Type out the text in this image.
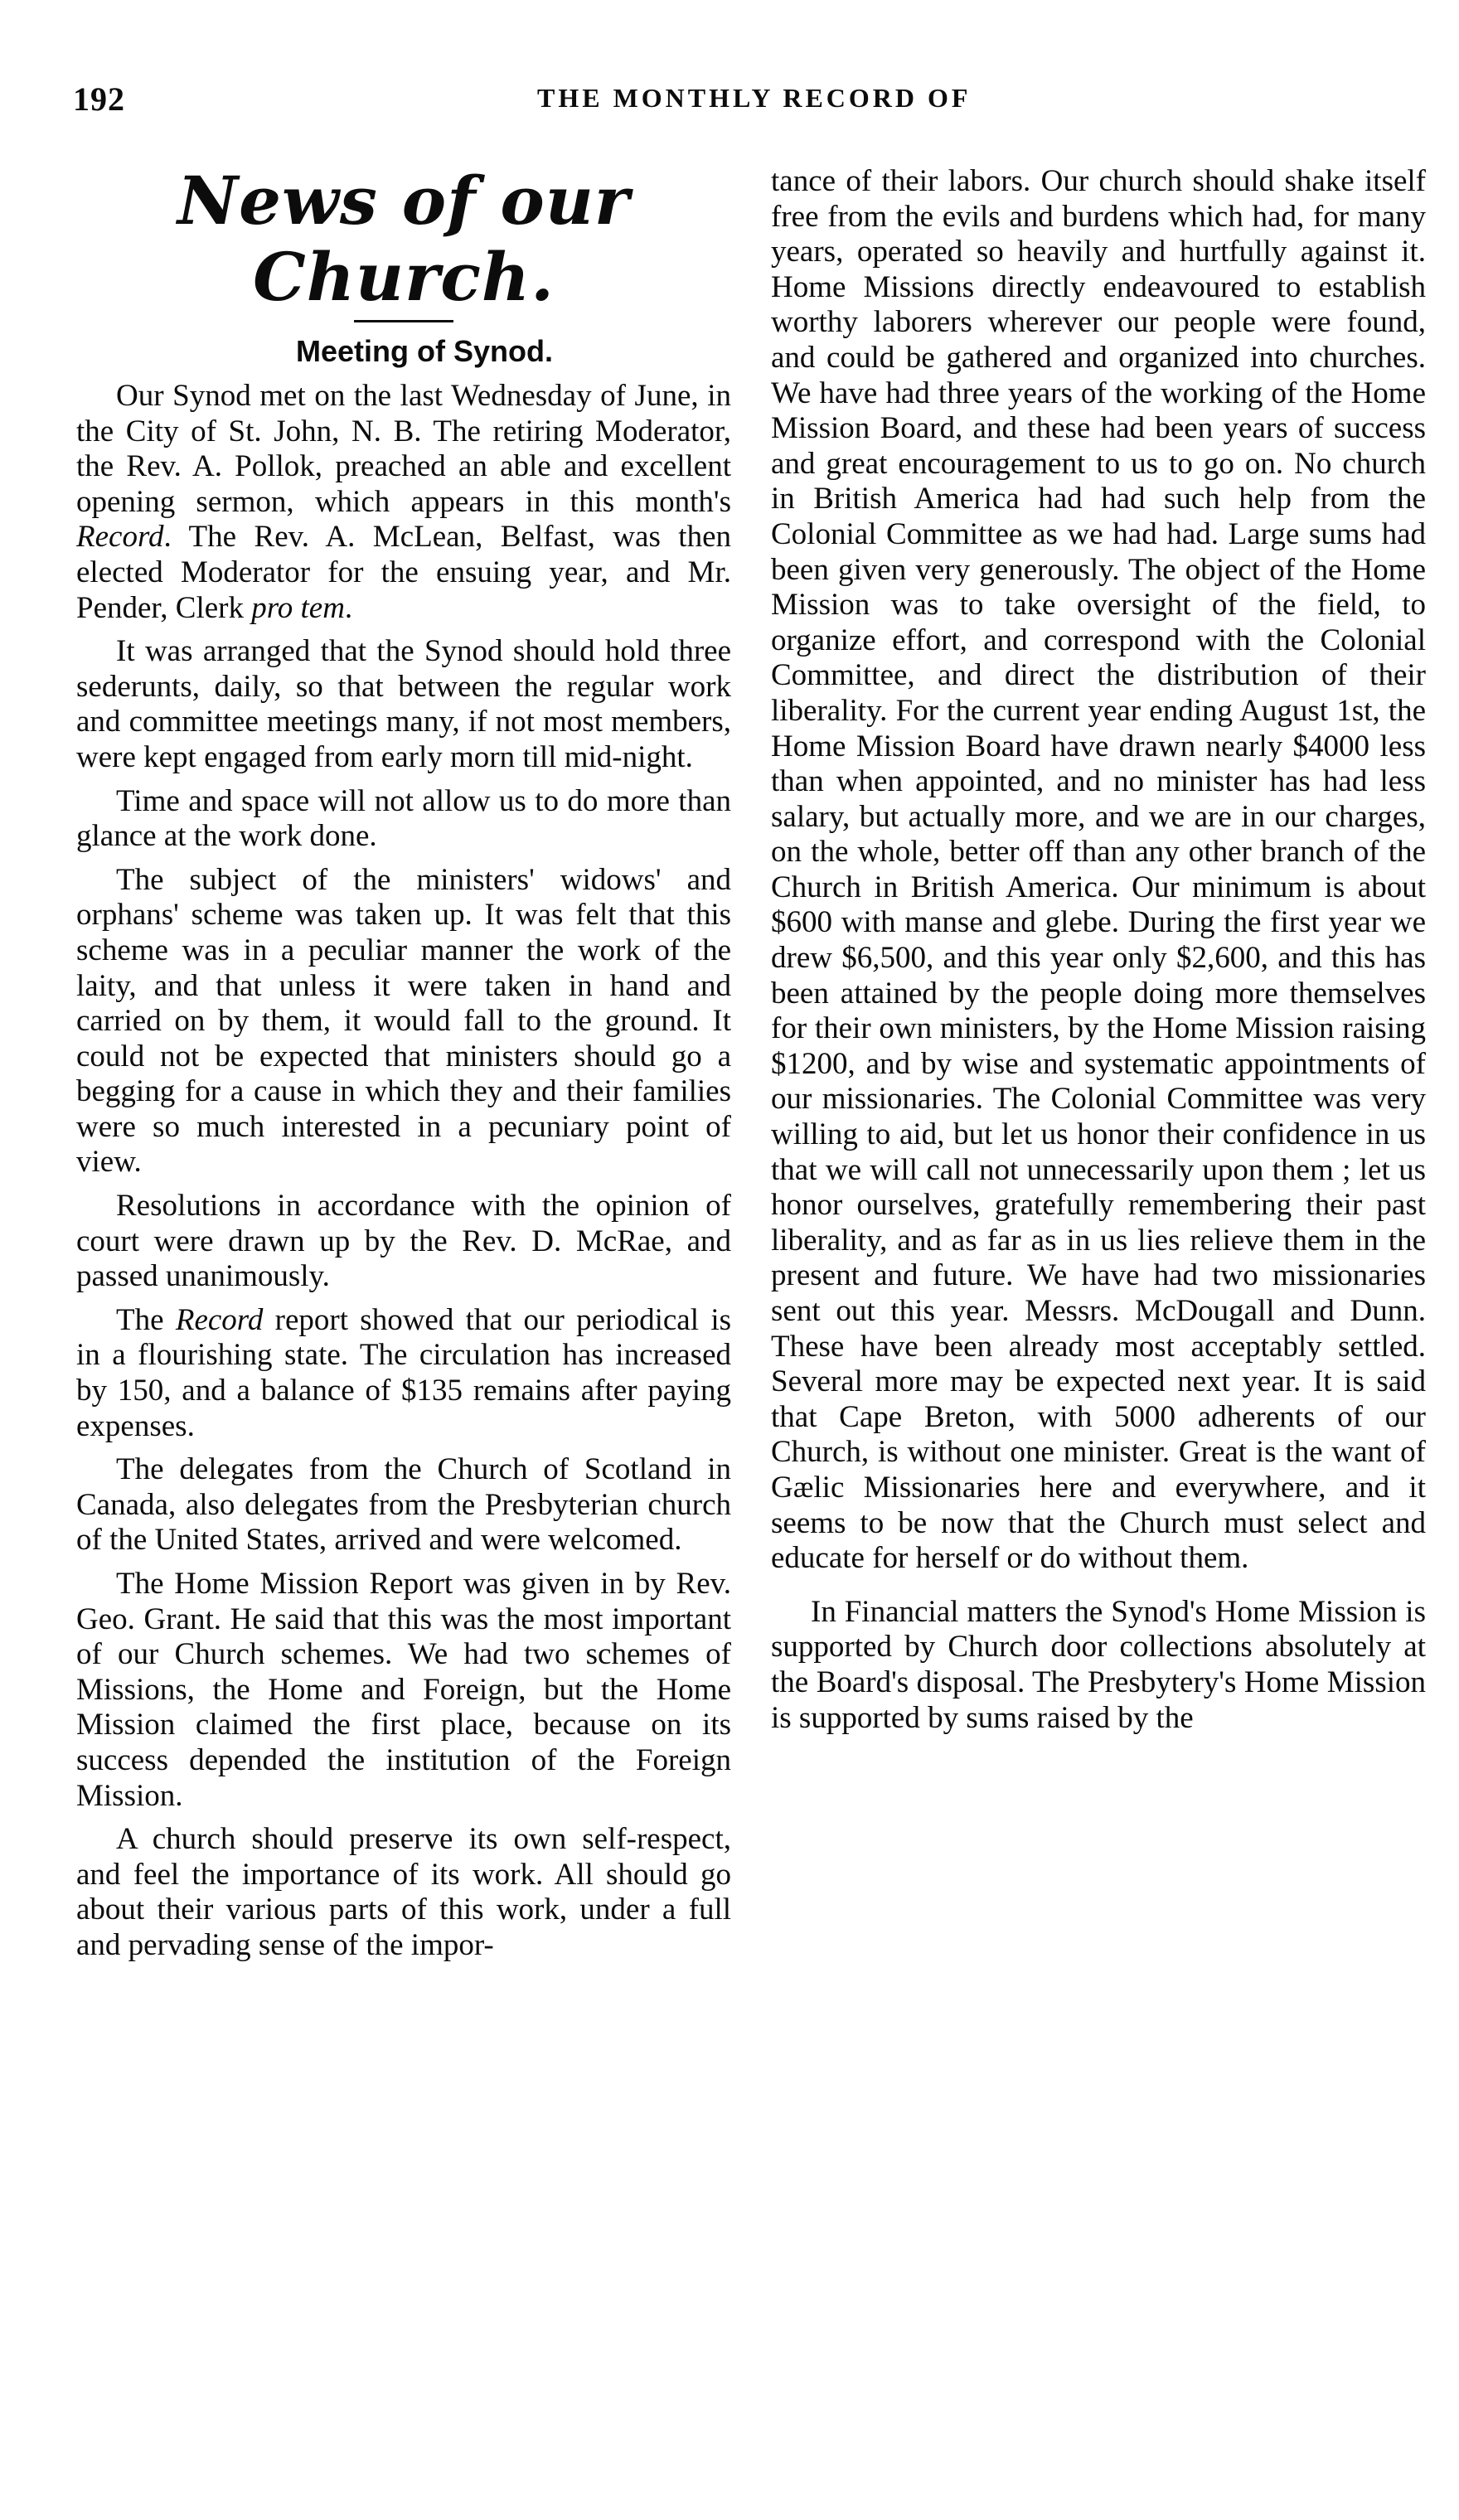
192	THE MONTHLY RECORD OF
News of our Church.
Meeting of Synod.

Our Synod met on the last Wednesday of June, in the City of St. John, N. B. The retiring Moderator, the Rev. A. Pollok, preached an able and excellent opening sermon, which appears in this month's Record. The Rev. A. McLean, Belfast, was then elected Moderator for the ensuing year, and Mr. Pender, Clerk pro tem.

It was arranged that the Synod should hold three sederunts, daily, so that between the regular work and committee meetings many, if not most members, were kept engaged from early morn till mid-night.

Time and space will not allow us to do more than glance at the work done.

The subject of the ministers' widows' and orphans' scheme was taken up. It was felt that this scheme was in a peculiar manner the work of the laity, and that unless it were taken in hand and carried on by them, it would fall to the ground. It could not be expected that ministers should go a begging for a cause in which they and their families were so much interested in a pecuniary point of view.

Resolutions in accordance with the opinion of court were drawn up by the Rev. D. McRae, and passed unanimously.

The Record report showed that our periodical is in a flourishing state. The circulation has increased by 150, and a balance of $135 remains after paying expenses.

The delegates from the Church of Scotland in Canada, also delegates from the Presbyterian church of the United States, arrived and were welcomed.

The Home Mission Report was given in by Rev. Geo. Grant. He said that this was the most important of our Church schemes. We had two schemes of Missions, the Home and Foreign, but the Home Mission claimed the first place, because on its success depended the institution of the Foreign Mission.

A church should preserve its own self-respect, and feel the importance of its work. All should go about their various parts of this work, under a full and pervading sense of the impor-

tance of their labors. Our church should shake itself free from the evils and burdens which had, for many years, operated so heavily and hurtfully against it. Home Missions directly endeavoured to establish worthy laborers wherever our people were found, and could be gathered and organized into churches. We have had three years of the working of the Home Mission Board, and these had been years of success and great encouragement to us to go on. No church in British America had had such help from the Colonial Committee as we had had. Large sums had been given very generously. The object of the Home Mission was to take oversight of the field, to organize effort, and correspond with the Colonial Committee, and direct the distribution of their liberality. For the current year ending August 1st, the Home Mission Board have drawn nearly $4000 less than when appointed, and no minister has had less salary, but actually more, and we are in our charges, on the whole, better off than any other branch of the Church in British America. Our minimum is about $600 with manse and glebe. During the first year we drew $6,500, and this year only $2,600, and this has been attained by the people doing more themselves for their own ministers, by the Home Mission raising $1200, and by wise and systematic appointments of our missionaries. The Colonial Committee was very willing to aid, but let us honor their confidence in us that we will call not unnecessarily upon them ; let us honor ourselves, gratefully remembering their past liberality, and as far as in us lies relieve them in the present and future. We have had two missionaries sent out this year. Messrs. McDougall and Dunn. These have been already most acceptably settled. Several more may be expected next year. It is said that Cape Breton, with 5000 adherents of our Church, is without one minister. Great is the want of Gælic Missionaries here and everywhere, and it seems to be now that the Church must select and educate for herself or do without them.

In Financial matters the Synod's Home Mission is supported by Church door collections absolutely at the Board's disposal. The Presbytery's Home Mission is supported by sums raised by the
